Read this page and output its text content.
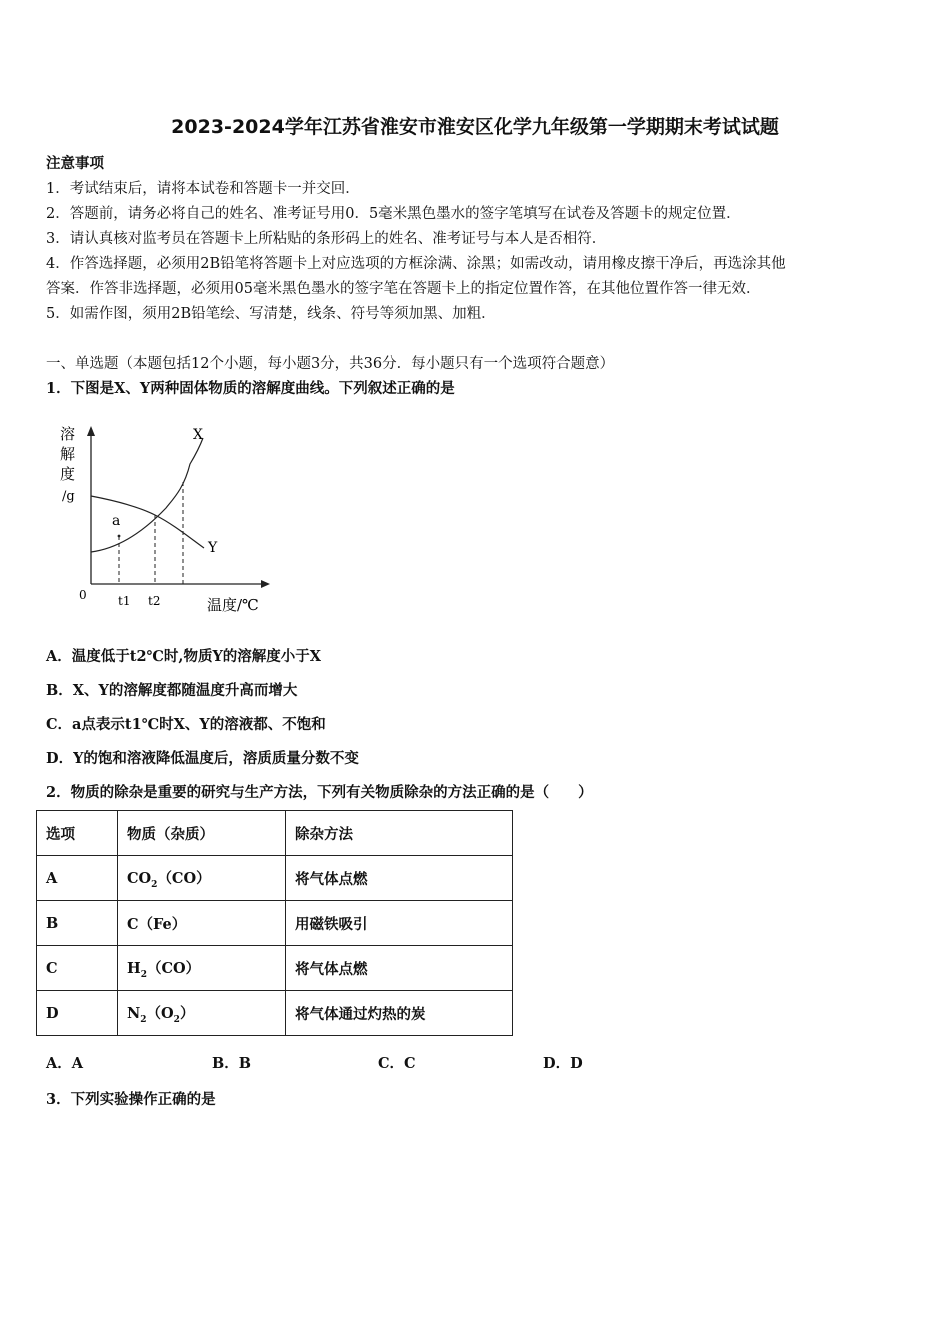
2023-2024学年江苏省淮安市淮安区化学九年级第一学期期末考试试题
注意事项
1．考试结束后，请将本试卷和答题卡一并交回．
2．答题前，请务必将自己的姓名、准考证号用0．5毫米黑色墨水的签字笔填写在试卷及答题卡的规定位置．
3．请认真核对监考员在答题卡上所粘贴的条形码上的姓名、准考证号与本人是否相符．
4．作答选择题，必须用2B铅笔将答题卡上对应选项的方框涂满、涂黑；如需改动，请用橡皮擦干净后，再选涂其他
答案．作答非选择题，必须用05毫米黑色墨水的签字笔在答题卡上的指定位置作答，在其他位置作答一律无效．
5．如需作图，须用2B铅笔绘、写清楚，线条、符号等须加黑、加粗．
一、单选题（本题包括12个小题，每小题3分，共36分．每小题只有一个选项符合题意）
1．下图是X、Y两种固体物质的溶解度曲线。下列叙述正确的是
溶
解
度
/g
X
Y
a
0	t1 t2	温度/℃
A．温度低于t2℃时,物质Y的溶解度小于X
B．X、Y的溶解度都随温度升高而增大
C．a点表示t1℃时X、Y的溶液都、不饱和
D．Y的饱和溶液降低温度后，溶质质量分数不变
2．物质的除杂是重要的研究与生产方法，下列有关物质除杂的方法正确的是（　　）
选项	物质（杂质）	除杂方法
A	$CO_2(CO)$	将气体点燃
B	C（Fe）	用磁铁吸引
C	$H_2(CO)$	将气体点燃
D	$N_2(O_2)$	将气体通过灼热的炭
A．A	B．B	C．C	D．D
3．下列实验操作正确的是
